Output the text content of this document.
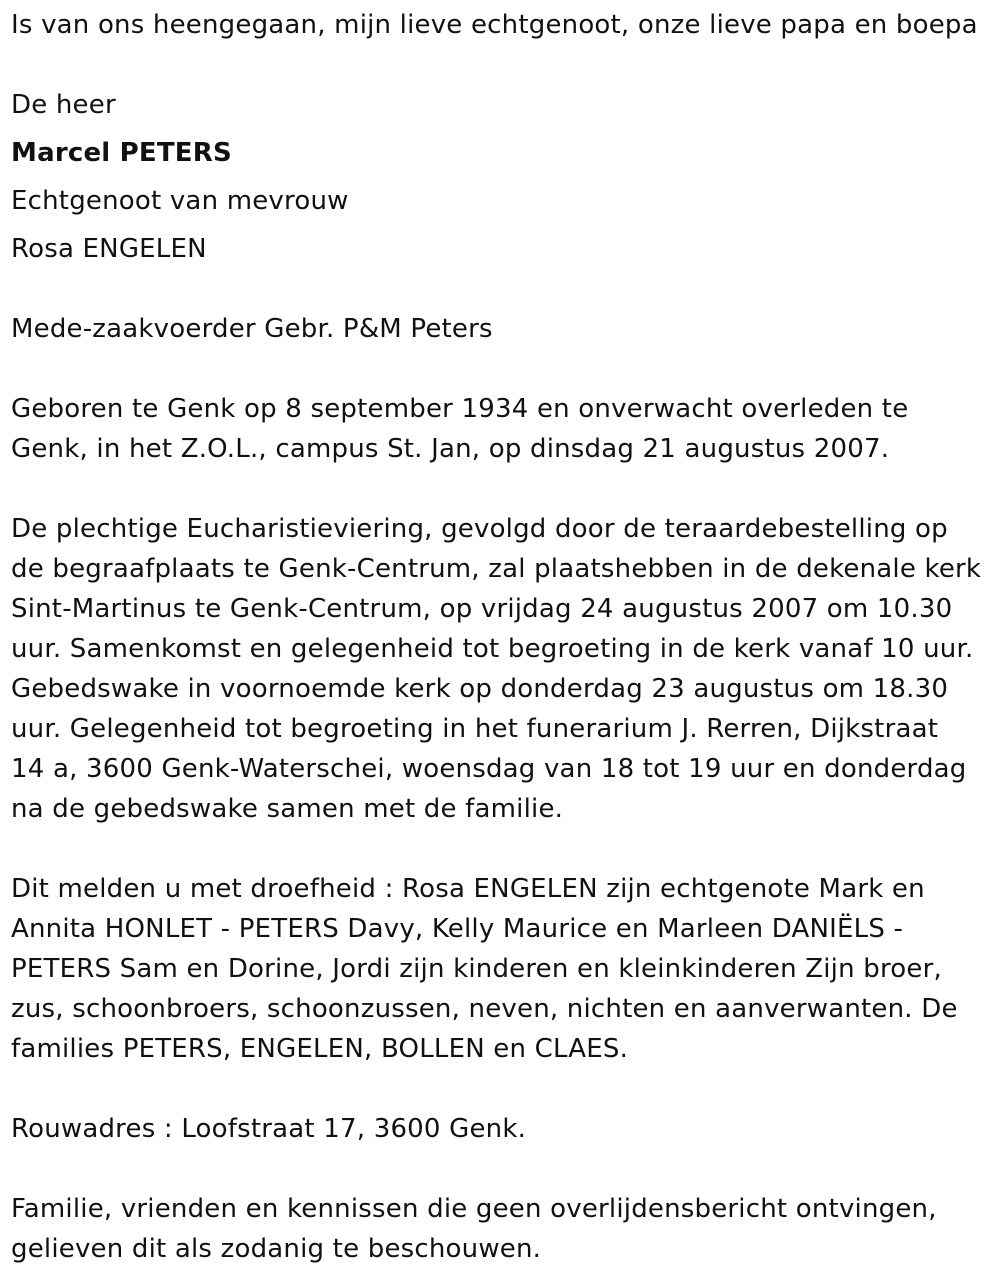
Is van ons heengegaan, mijn lieve echtgenoot, onze lieve papa en boepa
De heer
Marcel PETERS
Echtgenoot van mevrouw
Rosa ENGELEN
Mede-zaakvoerder Gebr. P&M Peters
Geboren te Genk op 8 september 1934 en onverwacht overleden te
Genk, in het Z.O.L., campus St. Jan, op dinsdag 21 augustus 2007.
De plechtige Eucharistieviering, gevolgd door de teraardebestelling op
de begraafplaats te Genk-Centrum, zal plaatshebben in de dekenale kerk
Sint-Martinus te Genk-Centrum, op vrijdag 24 augustus 2007 om 10.30
uur. Samenkomst en gelegenheid tot begroeting in de kerk vanaf 10 uur.
Gebedswake in voornoemde kerk op donderdag 23 augustus om 18.30
uur. Gelegenheid tot begroeting in het funerarium J. Rerren, Dijkstraat
14 a, 3600 Genk-Waterschei, woensdag van 18 tot 19 uur en donderdag
na de gebedswake samen met de familie.
Dit melden u met droefheid : Rosa ENGELEN zijn echtgenote Mark en
Annita HONLET - PETERS Davy, Kelly Maurice en Marleen DANIËLS -
PETERS Sam en Dorine, Jordi zijn kinderen en kleinkinderen Zijn broer,
zus, schoonbroers, schoonzussen, neven, nichten en aanverwanten. De
families PETERS, ENGELEN, BOLLEN en CLAES.
Rouwadres : Loofstraat 17, 3600 Genk.
Familie, vrienden en kennissen die geen overlijdensbericht ontvingen,
gelieven dit als zodanig te beschouwen.
